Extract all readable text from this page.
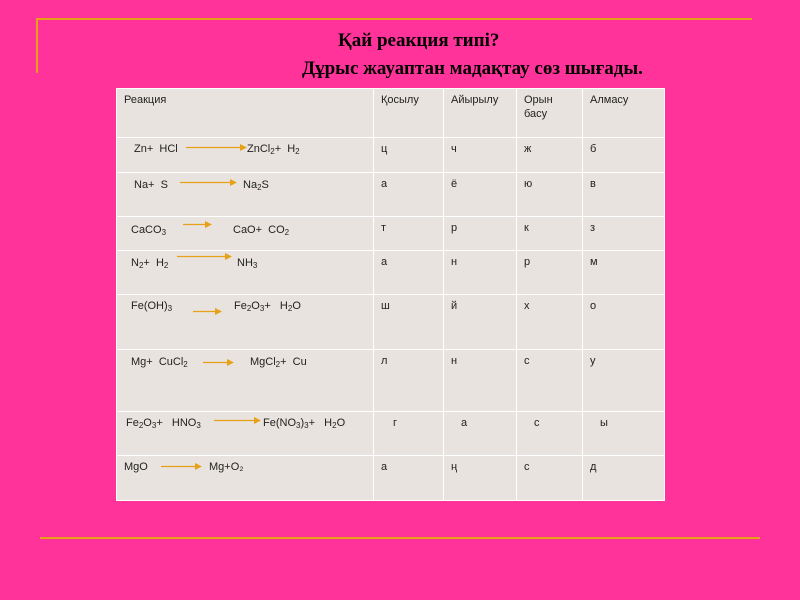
Қай реакция типі?
Дұрыс жауаптан мадақтау сөз шығады.
Реакция	Қосылу	Айырылу	Орын басу	Алмасу

Zn+  HCl ZnCl$_2$+  $H_2$	ц	ч	ж	б

Na+  S $Na_2S$	а	ё	ю	в

CaCO$_3$ $CaO+ CO_2$	т	р	к	з

$N_2+ H_2$ $NH_3$	а	н	р	м

$Fe(OH)_3$ $Fe_2O_3+ H_2O$	ш	й	х	о

Mg+  CuCl$_2$ MgCl$_2$+  Cu	л	н	с	у

$Fe_2O_3+ HNO_3$ $Fe(NO_3)_3+ H_2O$	г	а	с	ы

MgO Mg+O₂	а	ң	с	д
